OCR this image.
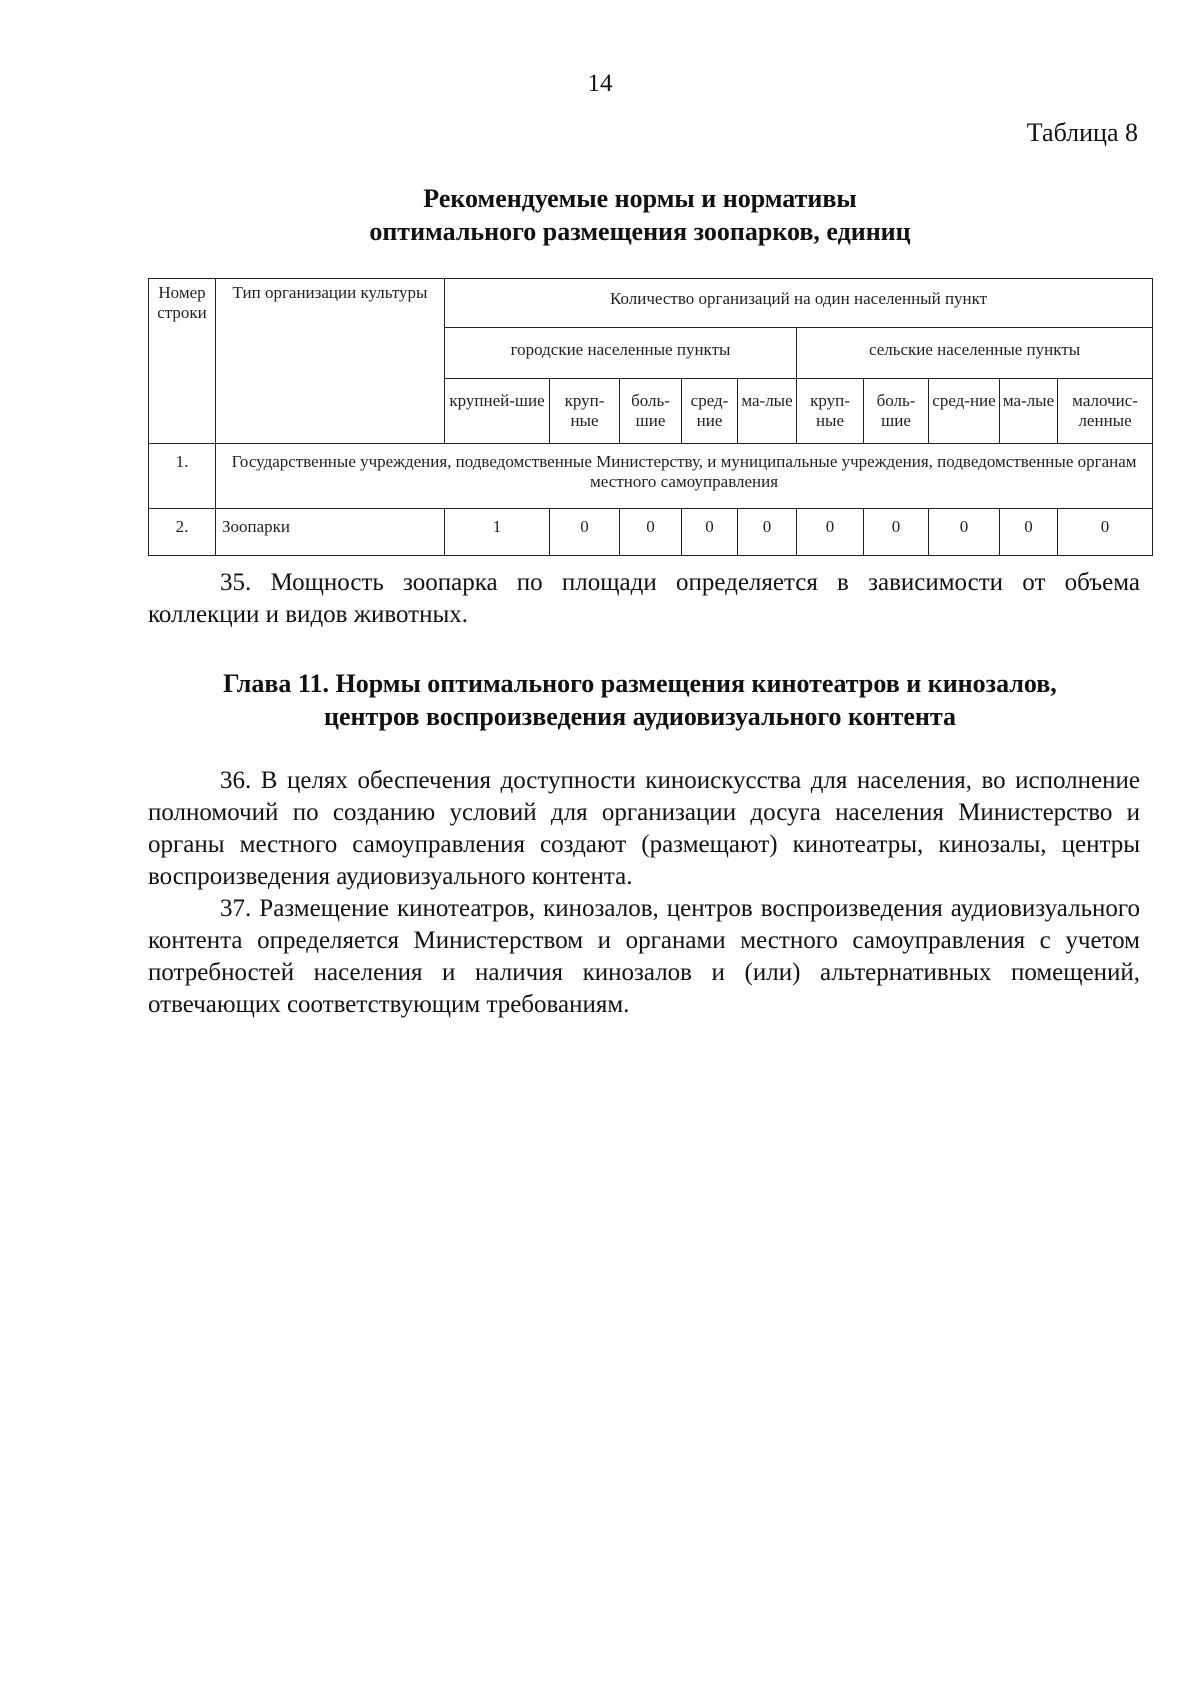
14
Таблица 8
Рекомендуемые нормы и нормативы
оптимального размещения зоопарков, единиц
Номер строки	Тип организации культуры	Количество организаций на один населенный пункт									
		городские населенные пункты					сельские населенные пункты				
		крупней-шие	круп-ные	боль-шие	сред-ние	ма-лые	круп-ные	боль-шие	сред-ние	ма-лые	малочис-ленные
1.	Государственные учреждения, подведомственные Министерству, и муниципальные учреждения, подведомственные органам местного самоуправления										
2.	Зоопарки	1	0	0	0	0	0	0	0	0	0

35. Мощность зоопарка по площади определяется в зависимости от объема коллекции и видов животных.

Глава 11. Нормы оптимального размещения кинотеатров и кинозалов,
центров воспроизведения аудиовизуального контента

36. В целях обеспечения доступности киноискусства для населения, во исполнение полномочий по созданию условий для организации досуга населения Министерство и органы местного самоуправления создают (размещают) кинотеатры, кинозалы, центры воспроизведения аудиовизуального контента.

37. Размещение кинотеатров, кинозалов, центров воспроизведения аудиовизуального контента определяется Министерством и органами местного самоуправления с учетом потребностей населения и наличия кинозалов и (или) альтернативных помещений, отвечающих соответствующим требованиям.
